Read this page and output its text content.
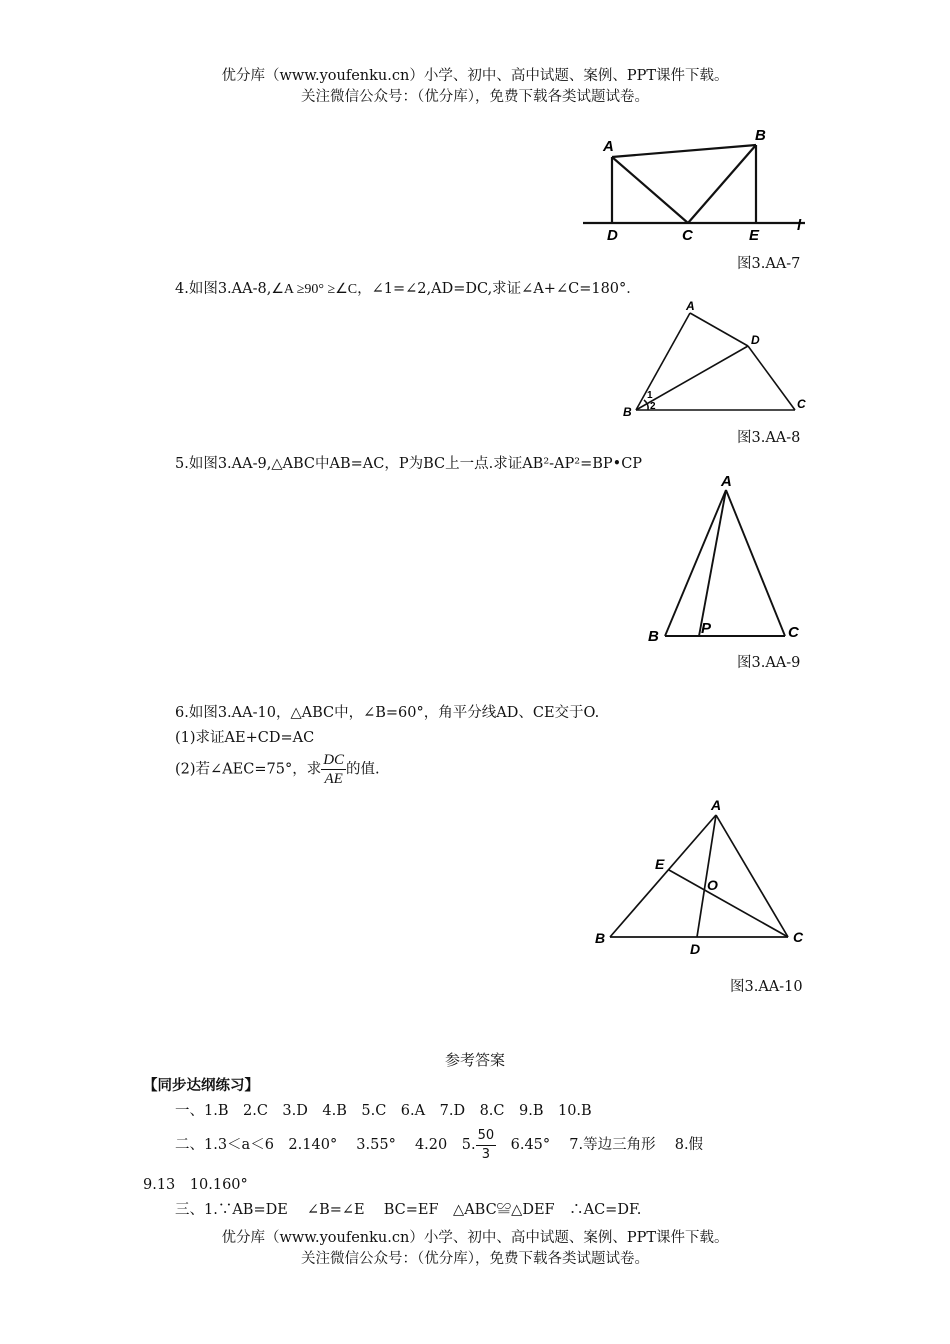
优分库（www.youfenku.cn）小学、初中、高中试题、案例、PPT课件下载。
关注微信公众号：（优分库），免费下载各类试题试卷。
A
B
D	C	E
l
图3.AA-7
4.如图3.AA-8,∠A ≥90° ≥∠C，∠1=∠2,AD=DC,求证∠A+∠C=180°．
A
D
B
C
1
2
图3.AA-8
5.如图3.AA-9,△ABC中AB=AC，P为BC上一点.求证AB²-AP²=BP•CP
A
B	P	C
图3.AA-9
6.如图3.AA-10，△ABC中，∠B=60°，角平分线AD、CE交于O.
(1)求证AE+CD=AC
(2)若∠AEC=75°，求 $\frac{DC}{AE}$ 的值.
A
E
O
B
D
C
图3.AA-10
参考答案
【同步达纲练习】
一、1.B　2.C　3.D　4.B　5.C　6.A　7.D　8.C　9.B　10.B
二、1.3＜a＜6　2.140°　 3.55°　 4.20　5. $\frac{50}{3}$ 　6.45°　 7.等边三角形　 8.假
9.13　10.160°
三、1.∵AB=DE　 ∠B=∠E　 BC=EF　△ABC≌△DEF　∴AC=DF.
优分库（www.youfenku.cn）小学、初中、高中试题、案例、PPT课件下载。
关注微信公众号：（优分库），免费下载各类试题试卷。
